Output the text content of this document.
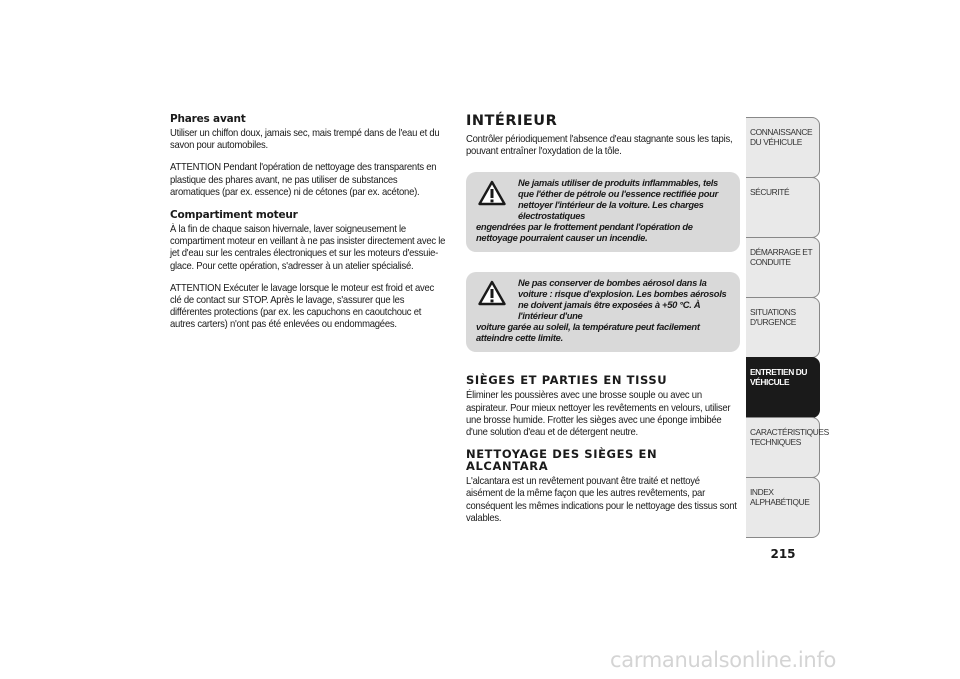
Phares avant
Utiliser un chiffon doux, jamais sec, mais trempé dans de l'eau et du savon pour automobiles.
ATTENTION Pendant l'opération de nettoyage des transparents en plastique des phares avant, ne pas utiliser de substances aromatiques (par ex. essence) ni de cétones (par ex. acétone).
Compartiment moteur
À la fin de chaque saison hivernale, laver soigneusement le compartiment moteur en veillant à ne pas insister directement avec le jet d'eau sur les centrales électroniques et sur les moteurs d'essuie-glace. Pour cette opération, s'adresser à un atelier spécialisé.
ATTENTION Exécuter le lavage lorsque le moteur est froid et avec clé de contact sur STOP. Après le lavage, s'assurer que les différentes protections (par ex. les capuchons en caoutchouc et autres carters) n'ont pas été enlevées ou endommagées.
INTÉRIEUR
Contrôler périodiquement l'absence d'eau stagnante sous les tapis, pouvant entraîner l'oxydation de la tôle.
Ne jamais utiliser de produits inflammables, tels que l'éther de pétrole ou l'essence rectifiée pour nettoyer l'intérieur de la voiture. Les charges électrostatiques
engendrées par le frottement pendant l'opération de nettoyage pourraient causer un incendie.
Ne pas conserver de bombes aérosol dans la voiture : risque d'explosion. Les bombes aérosols ne doivent jamais être exposées à +50 °C. À l'intérieur d'une
voiture garée au soleil, la température peut facilement atteindre cette limite.
SIÈGES ET PARTIES EN TISSU
Éliminer les poussières avec une brosse souple ou avec un aspirateur. Pour mieux nettoyer les revêtements en velours, utiliser une brosse humide. Frotter les sièges avec une éponge imbibée d'une solution d'eau et de détergent neutre.
NETTOYAGE DES SIÈGES EN ALCANTARA
L'alcantara est un revêtement pouvant être traité et nettoyé aisément de la même façon que les autres revêtements, par conséquent les mêmes indications pour le nettoyage des tissus sont valables.
CONNAISSANCE DU VÉHICULE
SÉCURITÉ
DÉMARRAGE ET CONDUITE
SITUATIONS D'URGENCE
ENTRETIEN DU VÉHICULE
CARACTÉRISTIQUES TECHNIQUES
INDEX ALPHABÉTIQUE
215
carmanualsonline.info
